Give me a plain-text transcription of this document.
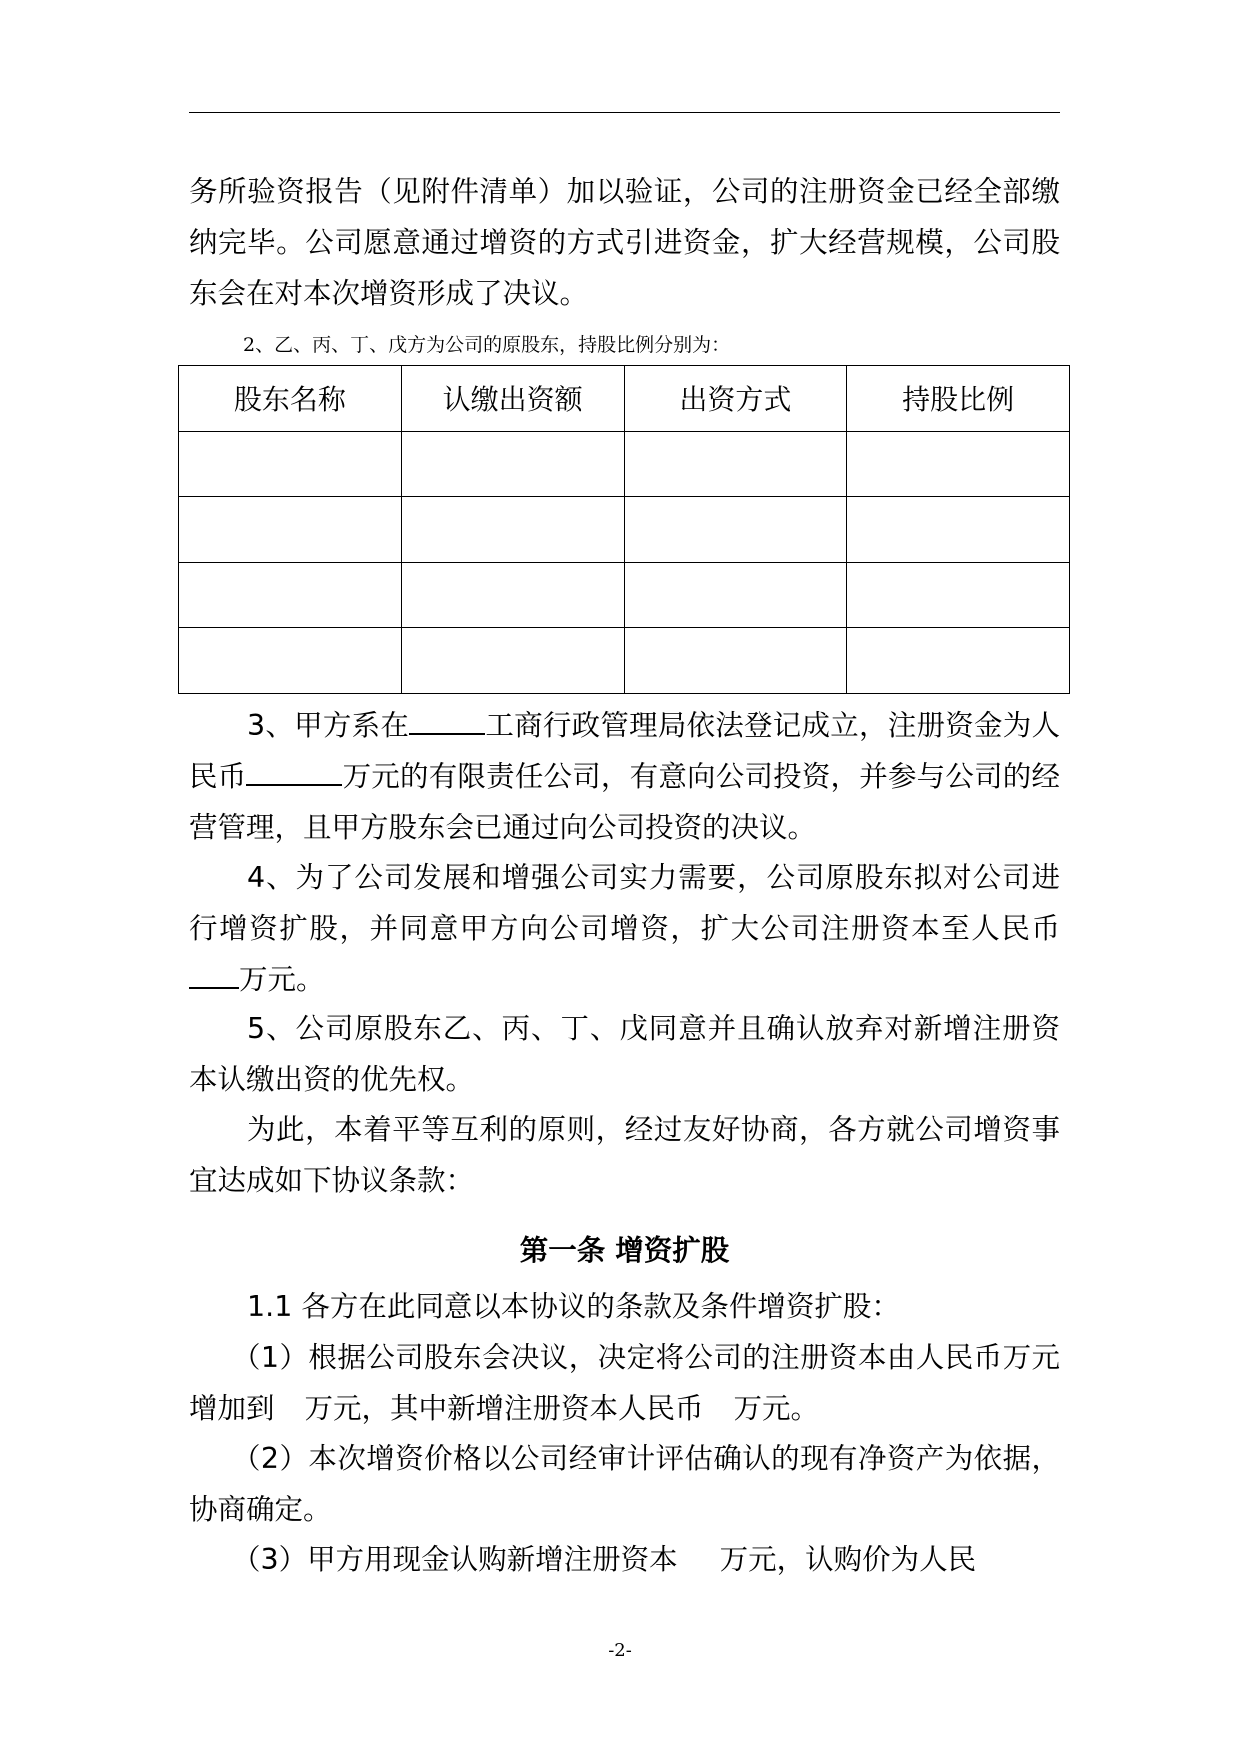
务所验资报告（见附件清单）加以验证，公司的注册资金已经全部缴纳完毕。公司愿意通过增资的方式引进资金，扩大经营规模，公司股东会在对本次增资形成了决议。

2、乙、丙、丁、戊方为公司的原股东，持股比例分别为：

股东名称	认缴出资额	出资方式	持股比例

3、甲方系在	工商行政管理局依法登记成立，注册资金为人民币	万元的有限责任公司，有意向公司投资，并参与公司的经营管理，且甲方股东会已通过向公司投资的决议。

4、为了公司发展和增强公司实力需要，公司原股东拟对公司进行增资扩股，并同意甲方向公司增资，扩大公司注册资本至人民币万元。

5、公司原股东乙、丙、丁、戊同意并且确认放弃对新增注册资本认缴出资的优先权。

为此，本着平等互利的原则，经过友好协商，各方就公司增资事宜达成如下协议条款：

第一条 增资扩股

1.1 各方在此同意以本协议的条款及条件增资扩股：

（1）根据公司股东会决议，决定将公司的注册资本由人民币万元增加到 万元，其中新增注册资本人民币 万元。

（2）本次增资价格以公司经审计评估确认的现有净资产为依据，协商确定。

（3）甲方用现金认购新增注册资本 万元，认购价为人民

-2-
